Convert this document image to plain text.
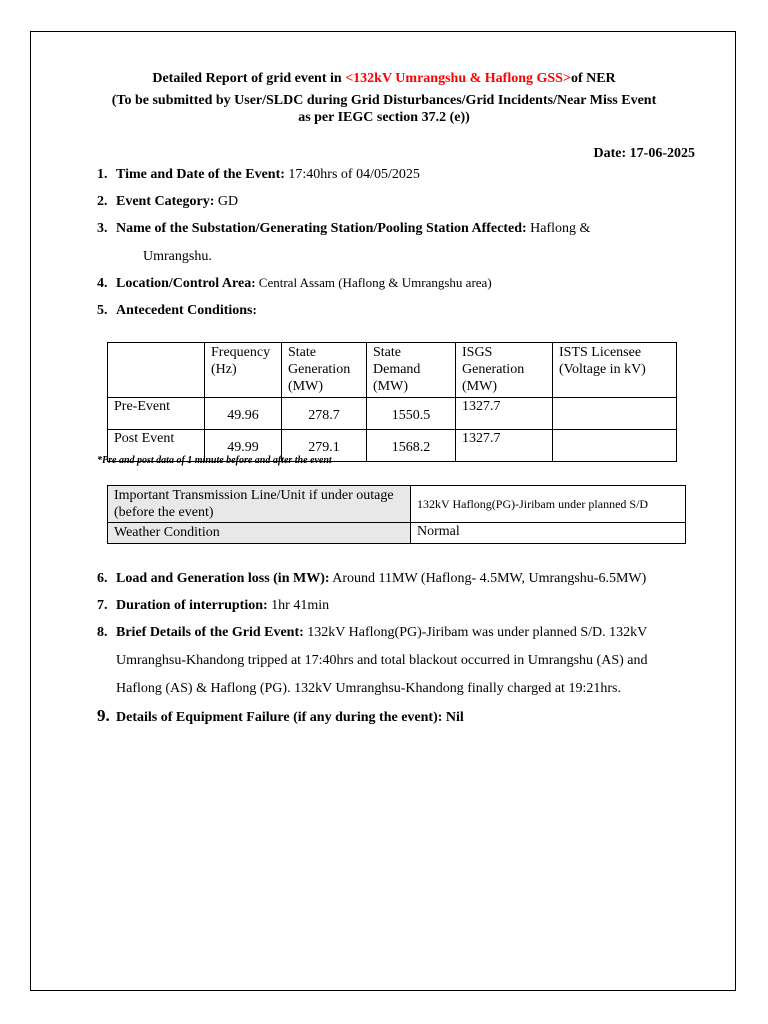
Detailed Report of grid event in <132kV Umrangshu & Haflong GSS>of NER
(To be submitted by User/SLDC during Grid Disturbances/Grid Incidents/Near Miss Event
as per IEGC section 37.2 (e))
Date: 17-06-2025
1. Time and Date of the Event: 17:40hrs of 04/05/2025
2. Event Category: GD
3. Name of the Substation/Generating Station/Pooling Station Affected: Haflong &
Umrangshu.
4. Location/Control Area: Central Assam (Haflong & Umrangshu area)
5. Antecedent Conditions:
	Frequency (Hz)	State Generation (MW)	State Demand (MW)	ISGS Generation (MW)	ISTS Licensee (Voltage in kV)
Pre-Event	49.96	278.7	1550.5	1327.7	
Post Event	49.99	279.1	1568.2	1327.7	
*Pre and post data of 1 minute before and after the event
Important Transmission Line/Unit if under outage (before the event)	132kV Haflong(PG)-Jiribam under planned S/D
Weather Condition	Normal
6. Load and Generation loss (in MW): Around 11MW (Haflong- 4.5MW, Umrangshu-6.5MW)
7. Duration of interruption: 1hr 41min
8. Brief Details of the Grid Event: 132kV Haflong(PG)-Jiribam was under planned S/D. 132kV
Umranghsu-Khandong tripped at 17:40hrs and total blackout occurred in Umrangshu (AS) and
Haflong (AS) & Haflong (PG). 132kV Umranghsu-Khandong finally charged at 19:21hrs.
9. Details of Equipment Failure (if any during the event): Nil
